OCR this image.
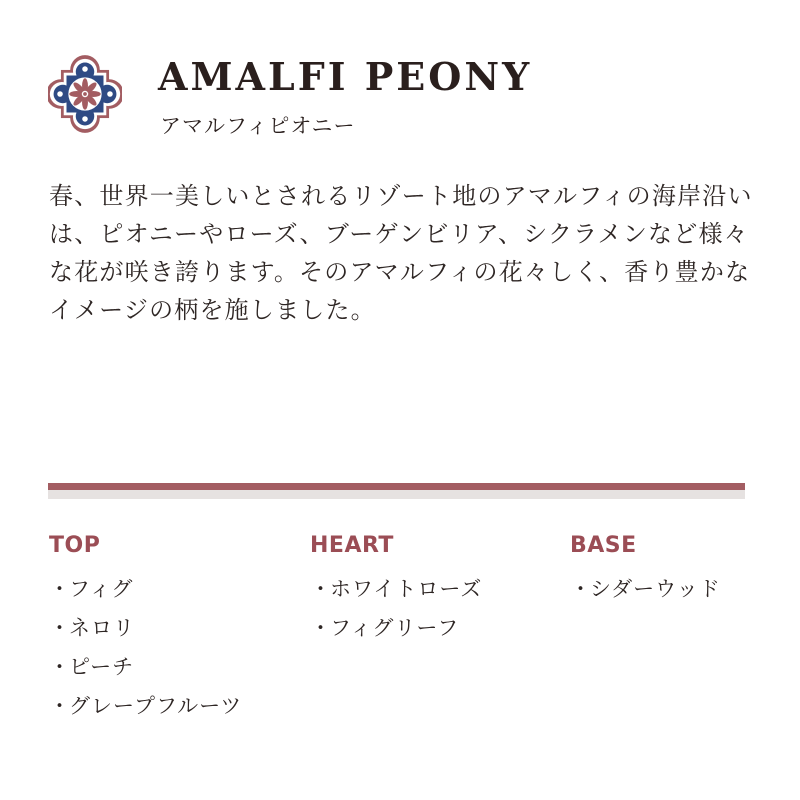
AMALFI PEONY
アマルフィピオニー

春、世界一美しいとされるリゾート地のアマルフィの海岸沿いは、ピオニーやローズ、ブーゲンビリア、シクラメンなど様々な花が咲き誇ります。そのアマルフィの花々しく、香り豊かなイメージの柄を施しました。

TOP
・フィグ
・ネロリ
・ピーチ
・グレープフルーツ
HEART
・ホワイトローズ
・フィグリーフ
BASE
・シダーウッド
